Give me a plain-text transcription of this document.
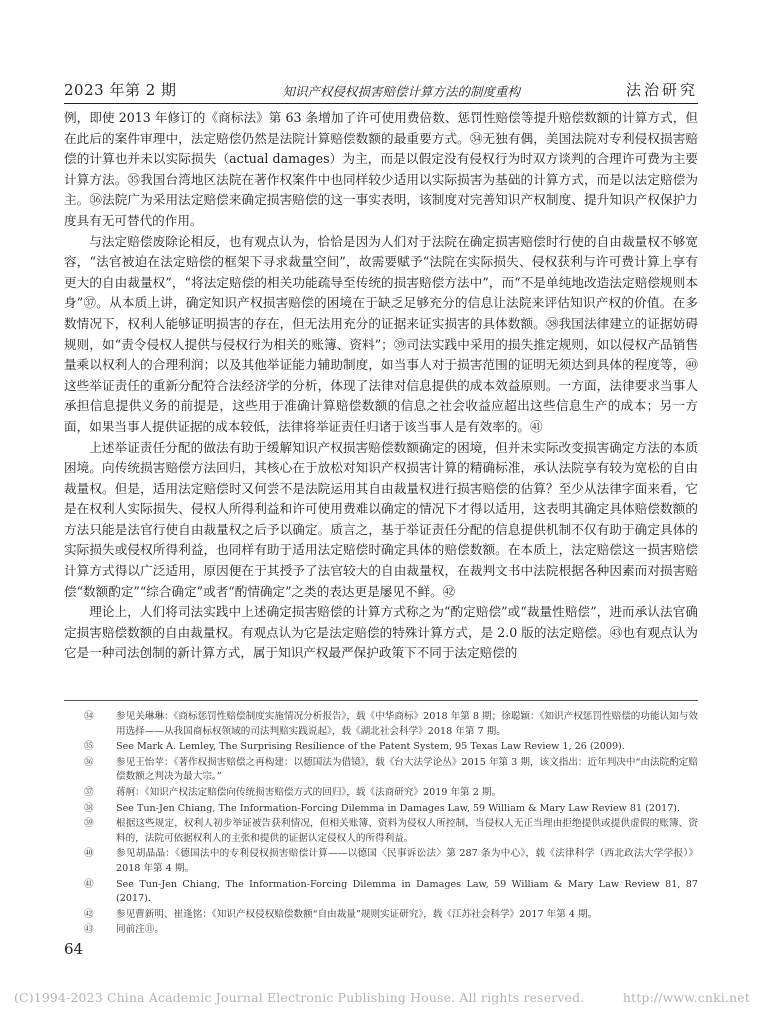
2023 年第 2 期	知识产权侵权损害赔偿计算方法的制度重构	法治研究

例，即使 2013 年修订的《商标法》第 63 条增加了许可使用费倍数、惩罚性赔偿等提升赔偿数额的计算方式，但在此后的案件审理中，法定赔偿仍然是法院计算赔偿数额的最重要方式。㉞无独有偶，美国法院对专利侵权损害赔偿的计算也并未以实际损失（actual damages）为主，而是以假定没有侵权行为时双方谈判的合理许可费为主要计算方法。㉟我国台湾地区法院在著作权案件中也同样较少适用以实际损害为基础的计算方式，而是以法定赔偿为主。㊱法院广为采用法定赔偿来确定损害赔偿的这一事实表明，该制度对完善知识产权制度、提升知识产权保护力度具有无可替代的作用。

与法定赔偿废除论相反，也有观点认为，恰恰是因为人们对于法院在确定损害赔偿时行使的自由裁量权不够宽容，“法官被迫在法定赔偿的框架下寻求裁量空间”，故需要赋予“法院在实际损失、侵权获利与许可费计算上享有更大的自由裁量权”，“将法定赔偿的相关功能疏导至传统的损害赔偿方法中”，而“不是单纯地改造法定赔偿规则本身”㊲。从本质上讲，确定知识产权损害赔偿的困境在于缺乏足够充分的信息让法院来评估知识产权的价值。在多数情况下，权利人能够证明损害的存在，但无法用充分的证据来证实损害的具体数额。㊳我国法律建立的证据妨碍规则，如“责令侵权人提供与侵权行为相关的账簿、资料”；㊴司法实践中采用的损失推定规则，如以侵权产品销售量乘以权利人的合理利润；以及其他举证能力辅助制度，如当事人对于损害范围的证明无须达到具体的程度等，㊵这些举证责任的重新分配符合法经济学的分析，体现了法律对信息提供的成本效益原则。一方面，法律要求当事人承担信息提供义务的前提是，这些用于准确计算赔偿数额的信息之社会收益应超出这些信息生产的成本；另一方面，如果当事人提供证据的成本较低，法律将举证责任归诸于该当事人是有效率的。㊶

上述举证责任分配的做法有助于缓解知识产权损害赔偿数额确定的困境，但并未实际改变损害确定方法的本质困境。向传统损害赔偿方法回归，其核心在于放松对知识产权损害计算的精确标准，承认法院享有较为宽松的自由裁量权。但是，适用法定赔偿时又何尝不是法院运用其自由裁量权进行损害赔偿的估算？至少从法律字面来看，它是在权利人实际损失、侵权人所得利益和许可使用费难以确定的情况下才得以适用，这表明其确定具体赔偿数额的方法只能是法官行使自由裁量权之后予以确定。质言之，基于举证责任分配的信息提供机制不仅有助于确定具体的实际损失或侵权所得利益，也同样有助于适用法定赔偿时确定具体的赔偿数额。在本质上，法定赔偿这一损害赔偿计算方式得以广泛适用，原因便在于其授予了法官较大的自由裁量权，在裁判文书中法院根据各种因素而对损害赔偿“数额酌定”“综合确定”或者“酌情确定”之类的表达更是屡见不鲜。㊷

理论上，人们将司法实践中上述确定损害赔偿的计算方式称之为“酌定赔偿”或“裁量性赔偿”，进而承认法官确定损害赔偿数额的自由裁量权。有观点认为它是法定赔偿的特殊计算方式，是 2.0 版的法定赔偿。㊸也有观点认为它是一种司法创制的新计算方式，属于知识产权最严保护政策下不同于法定赔偿的

㉞	参见关琳琳：《商标惩罚性赔偿制度实施情况分析报告》，载《中华商标》2018 年第 8 期；徐聪颖：《知识产权惩罚性赔偿的功能认知与效用选择——从我国商标权领域的司法判赔实践说起》，载《湖北社会科学》2018 年第 7 期。
㉟	See Mark A. Lemley, The Surprising Resilience of the Patent System, 95 Texas Law Review 1, 26 (2009).
㊱	参见王怡苹：《著作权损害赔偿之再构建：以德国法为借镜》，载《台大法学论丛》2015 年第 3 期，该文指出：近年判决中“由法院酌定赔偿数额之判决为最大宗。”
㊲	蒋舸：《知识产权法定赔偿向传统损害赔偿方式的回归》，载《法商研究》2019 年第 2 期。
㊳	See Tun-Jen Chiang, The Information-Forcing Dilemma in Damages Law, 59 William & Mary Law Review 81 (2017).
㊴	根据这些规定，权利人初步举证被告获利情况，但相关账簿、资料为侵权人所控制，当侵权人无正当理由拒绝提供或提供虚假的账簿、资料的，法院可依据权利人的主张和提供的证据认定侵权人的所得利益。
㊵	参见胡晶晶：《德国法中的专利侵权损害赔偿计算——以德国〈民事诉讼法〉第 287 条为中心》，载《法律科学（西北政法大学学报）》2018 年第 4 期。
㊶	See Tun-Jen Chiang, The Information-Forcing Dilemma in Damages Law, 59 William & Mary Law Review 81, 87 (2017).
㊷	参见曹新明、崔逢铭：《知识产权侵权赔偿数额“自由裁量”规则实证研究》，载《江苏社会科学》2017 年第 4 期。
㊸	同前注⑪。
64
(C)1994-2023 China Academic Journal Electronic Publishing House. All rights reserved.	http://www.cnki.net
